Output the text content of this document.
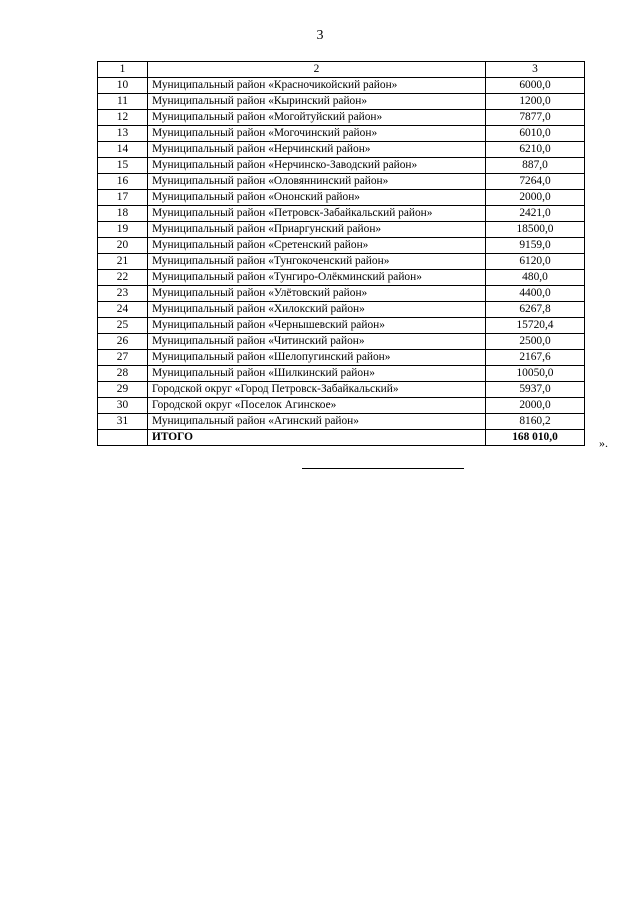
3
1	2	3
10	Муниципальный район «Красночикойский район»	6000,0
11	Муниципальный район «Кыринский район»	1200,0
12	Муниципальный район «Могойтуйский район»	7877,0
13	Муниципальный район «Могочинский район»	6010,0
14	Муниципальный район «Нерчинский район»	6210,0
15	Муниципальный район «Нерчинско-Заводский район»	887,0
16	Муниципальный район «Оловяннинский район»	7264,0
17	Муниципальный район «Ононский район»	2000,0
18	Муниципальный район «Петровск-Забайкальский район»	2421,0
19	Муниципальный район «Приаргунский район»	18500,0
20	Муниципальный район «Сретенский район»	9159,0
21	Муниципальный район «Тунгокоченский район»	6120,0
22	Муниципальный район «Тунгиро-Олёкминский район»	480,0
23	Муниципальный район «Улётовский район»	4400,0
24	Муниципальный район «Хилокский район»	6267,8
25	Муниципальный район «Чернышевский район»	15720,4
26	Муниципальный район «Читинский район»	2500,0
27	Муниципальный район «Шелопугинский район»	2167,6
28	Муниципальный район «Шилкинский район»	10050,0
29	Городской округ «Город Петровск-Забайкальский»	5937,0
30	Городской округ «Поселок Агинское»	2000,0
31	Муниципальный район «Агинский район»	8160,2
	ИТОГО	168 010,0	».
